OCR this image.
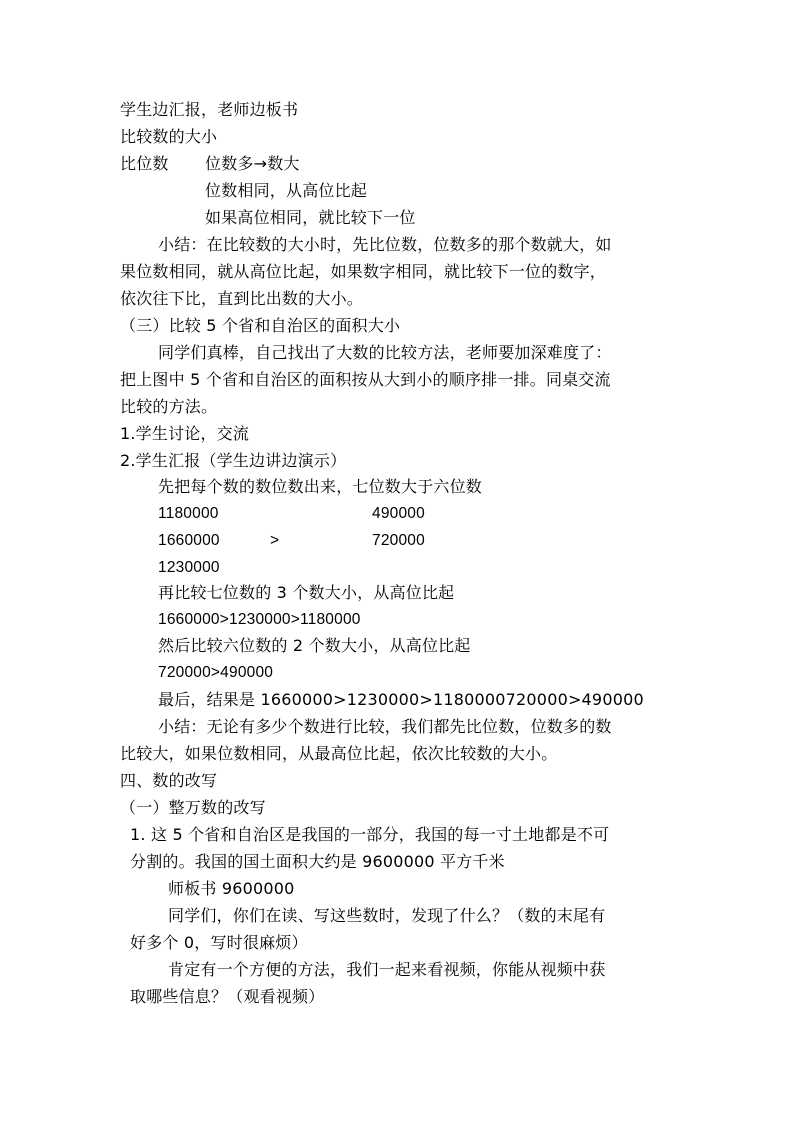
学生边汇报，老师边板书
比较数的大小
比位数 位数多→数大
位数相同，从高位比起
如果高位相同，就比较下一位
小结：在比较数的大小时，先比位数，位数多的那个数就大，如
果位数相同，就从高位比起，如果数字相同，就比较下一位的数字，
依次往下比，直到比出数的大小。
（三）比较 5 个省和自治区的面积大小
同学们真棒，自己找出了大数的比较方法，老师要加深难度了：
把上图中 5 个省和自治区的面积按从大到小的顺序排一排。同桌交流
比较的方法。
1.学生讨论，交流
2.学生汇报（学生边讲边演示）
先把每个数的数位数出来，七位数大于六位数
1180000	490000
1660000	>	720000
1230000
再比较七位数的 3 个数大小，从高位比起
1660000>1230000>1180000
然后比较六位数的 2 个数大小，从高位比起
720000>490000
最后，结果是 1660000>1230000>1180000720000>490000
小结：无论有多少个数进行比较，我们都先比位数，位数多的数
比较大，如果位数相同，从最高位比起，依次比较数的大小。
四、数的改写
（一）整万数的改写
1. 这 5 个省和自治区是我国的一部分，我国的每一寸土地都是不可
分割的。我国的国土面积大约是 9600000 平方千米
师板书 9600000
同学们，你们在读、写这些数时，发现了什么？（数的末尾有
好多个 0，写时很麻烦）
肯定有一个方便的方法，我们一起来看视频，你能从视频中获
取哪些信息？（观看视频）
